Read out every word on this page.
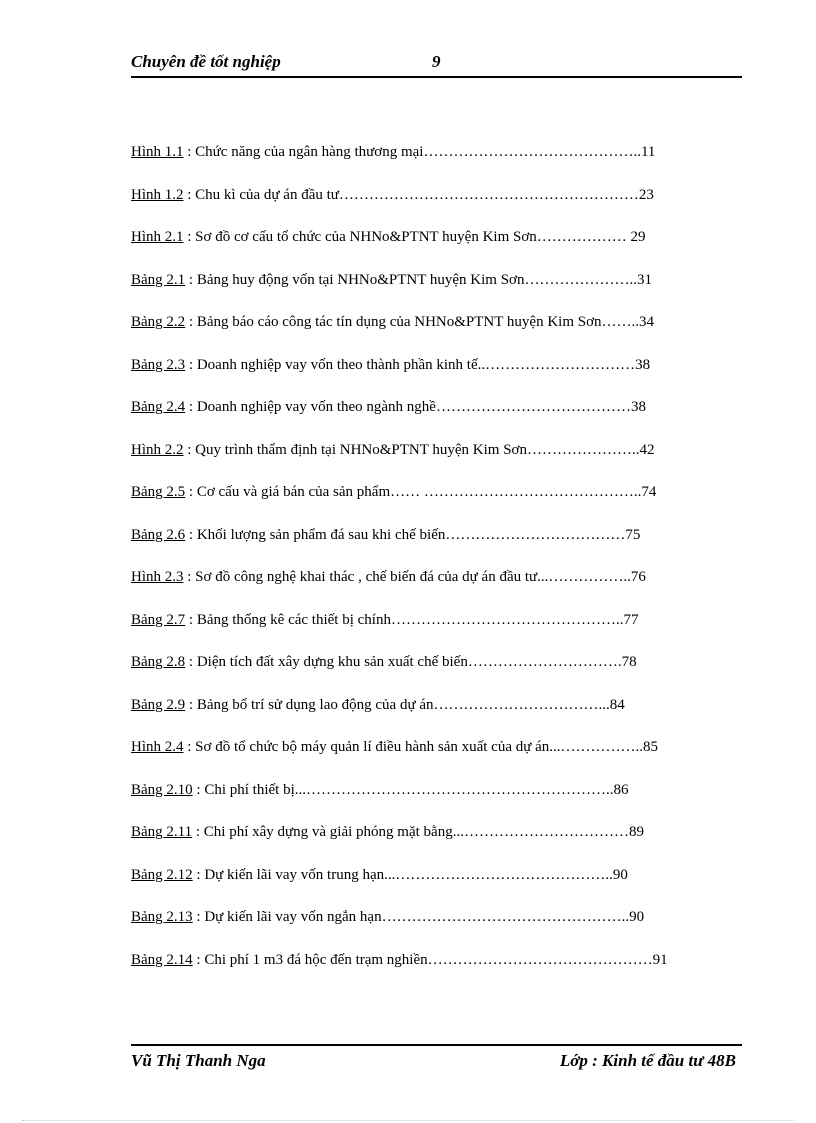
Chuyên đề tốt nghiệp	9
Hình 1.1 : Chức năng của ngân hàng thương mại……………………………………..11
Hình 1.2 : Chu kì của dự án đầu tư……………………………………………………23
Hình 2.1 : Sơ đồ cơ cấu tổ chức của NHNo&PTNT huyện Kim Sơn……………… 29
Bảng 2.1 : Bảng huy động vốn tại NHNo&PTNT huyện Kim Sơn…………………..31
Bảng 2.2 : Bảng báo cáo công tác tín dụng của NHNo&PTNT huyện Kim Sơn……..34
Bảng 2.3 : Doanh nghiệp vay vốn theo thành phần kinh tế..…………………………38
Bảng 2.4 : Doanh nghiệp vay vốn theo ngành nghề…………………………………38
Hình 2.2 : Quy trình thẩm định tại NHNo&PTNT huyện Kim Sơn…………………..42
Bảng 2.5 : Cơ cấu và giá bán của sản phẩm…… ……………………………………..74
Bảng 2.6 : Khối lượng sản phẩm đá sau khi chế biến………………………………75
Hình 2.3 : Sơ đồ công nghệ khai thác , chế biến đá của dự án đầu tư...……………..76
Bảng 2.7 : Bảng thống kê các thiết bị chính………………………………………..77
Bảng 2.8 : Diện tích đất xây dựng khu sản xuất chế biến………………………….78
Bảng 2.9 : Bảng bố trí sử dụng lao động của dự án……………………………...84
Hình 2.4 : Sơ đồ tổ chức bộ máy quản lí điều hành sản xuất của dự án...……………..85
Bảng 2.10 : Chi phí thiết bị...……………………………………………………..86
Bảng 2.11 : Chi phí xây dựng và giải phóng mặt bằng...……………………………89
Bảng 2.12 : Dự kiến lãi vay vốn trung hạn...……………………………………..90
Bảng 2.13 : Dự kiến lãi vay vốn ngắn hạn…………………………………………..90
Bảng 2.14 : Chi phí 1 m3 đá hộc đến trạm nghiền………………………………………91
Vũ Thị Thanh Nga	Lớp : Kinh tế đầu tư 48B
